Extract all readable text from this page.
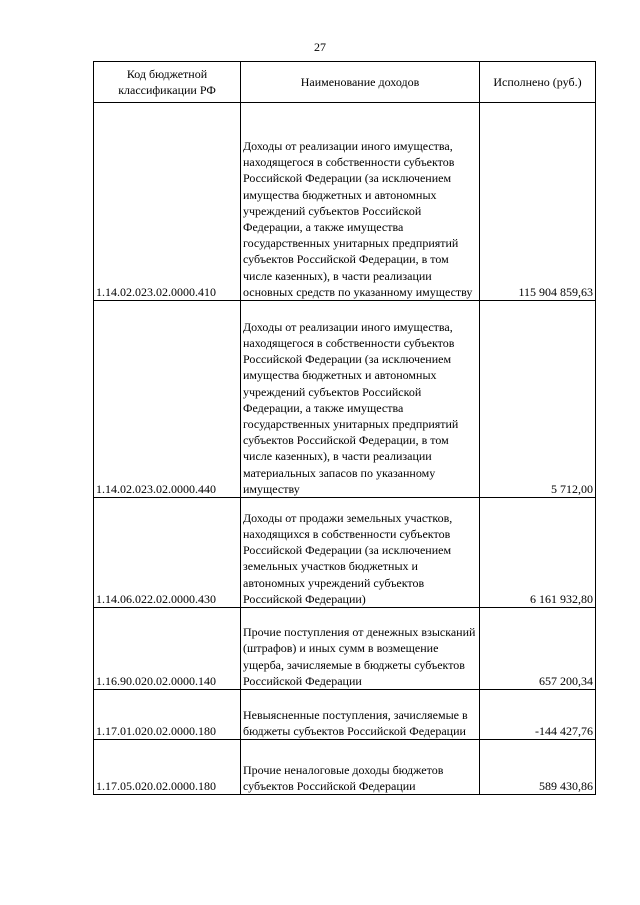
27
Код бюджетной классификации РФ	Наименование доходов	Исполнено (руб.)
1.14.02.023.02.0000.410	Доходы от реализации иного имущества, находящегося в собственности субъектов Российской Федерации (за исключением имущества бюджетных и автономных учреждений субъектов Российской Федерации, а также имущества государственных унитарных предприятий субъектов Российской Федерации, в том числе казенных), в части реализации основных средств по указанному имуществу	115 904 859,63
1.14.02.023.02.0000.440	Доходы от реализации иного имущества, находящегося в собственности субъектов Российской Федерации (за исключением имущества бюджетных и автономных учреждений субъектов Российской Федерации, а также имущества государственных унитарных предприятий субъектов Российской Федерации, в том числе казенных), в части реализации материальных запасов по указанному имуществу	5 712,00
1.14.06.022.02.0000.430	Доходы от продажи земельных участков, находящихся в собственности субъектов Российской Федерации (за исключением земельных участков бюджетных и автономных учреждений субъектов Российской Федерации)	6 161 932,80
1.16.90.020.02.0000.140	Прочие поступления от денежных взысканий (штрафов) и иных сумм в возмещение ущерба, зачисляемые в бюджеты субъектов Российской Федерации	657 200,34
1.17.01.020.02.0000.180	Невыясненные поступления, зачисляемые в бюджеты субъектов Российской Федерации	-144 427,76
1.17.05.020.02.0000.180	Прочие неналоговые доходы бюджетов субъектов Российской Федерации	589 430,86
